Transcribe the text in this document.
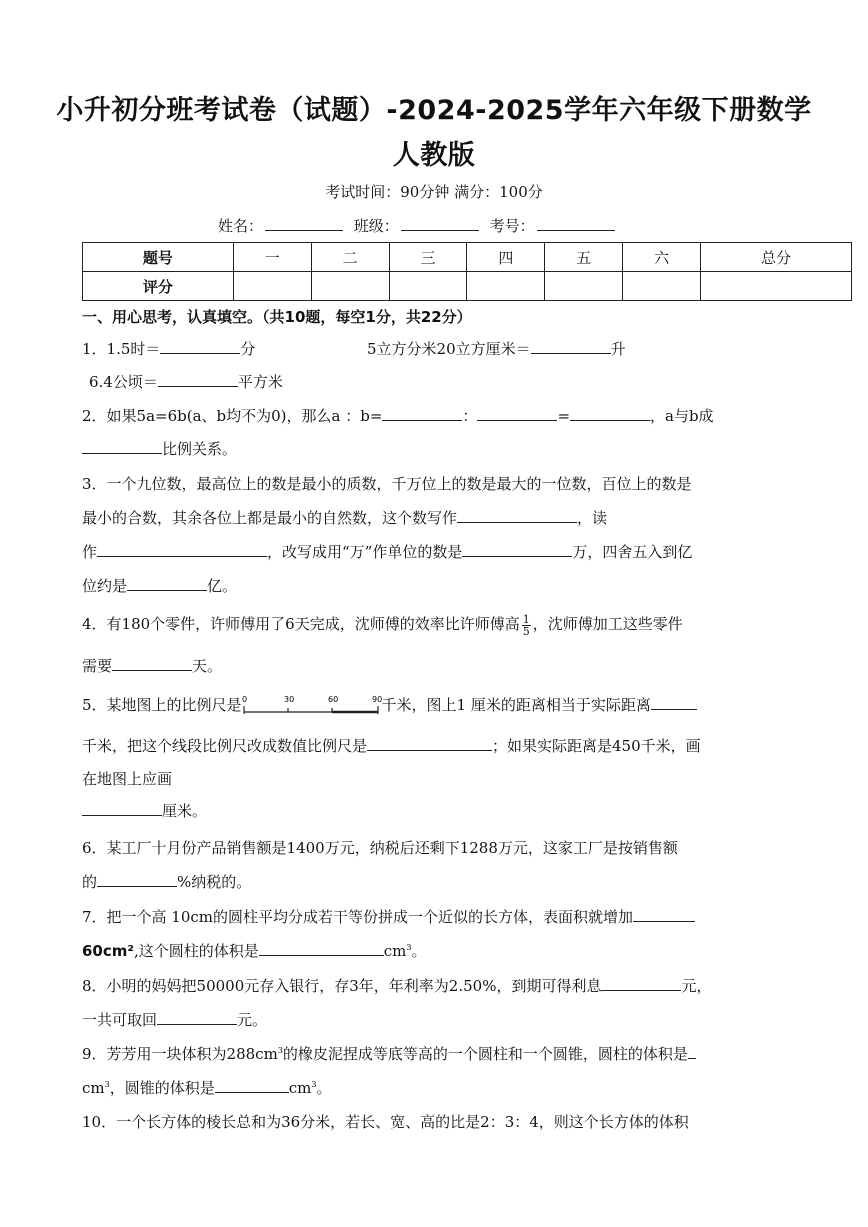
小升初分班考试卷（试题）-2024-2025学年六年级下册数学
人教版
考试时间：90分钟 满分：100分
姓名：	班级：	考号：
题号	一	二	三	四	五	六	总分
评分							
一、用心思考，认真填空。（共10题，每空1分，共22分）
1．1.5时＝	分	5立方分米20立方厘米＝	升
6.4公顷＝	平方米
2．如果5a=6b(a、b均不为0)，那么a ：b=	：	=	，a与b成
比例关系。
3．一个九位数，最高位上的数是最小的质数，千万位上的数是最大的一位数，百位上的数是
最小的合数，其余各位上都是最小的自然数，这个数写作	，读
作	，改写成用“万”作单位的数是	万，四舍五入到亿
位约是	亿。
4．有180个零件，许师傅用了6天完成，沈师傅的效率比许师傅高 $\frac{1}{5}$ ，沈师傅加工这些零件
需要	天。
5．某地图上的比例尺是 0	30	60	90 千米，图上1 厘米的距离相当于实际距离
千米，把这个线段比例尺改成数值比例尺是	；如果实际距离是450千米，画
在地图上应画
厘米。
6．某工厂十月份产品销售额是1400万元，纳税后还剩下1288万元，这家工厂是按销售额
的	%纳税的。
7．把一个高 10cm的圆柱平均分成若干等份拼成一个近似的长方体，表面积就增加
60cm²,这个圆柱的体积是	$cm^3$。
8．小明的妈妈把50000元存入银行，存3年，年利率为2.50%，到期可得利息	元，
一共可取回	元。
9．芳芳用一块体积为$288cm^3$的橡皮泥捏成等底等高的一个圆柱和一个圆锥，圆柱的体积是
$cm^3$，圆锥的体积是	$cm^3$。
10．一个长方体的棱长总和为36分米，若长、宽、高的比是2：3：4，则这个长方体的体积
